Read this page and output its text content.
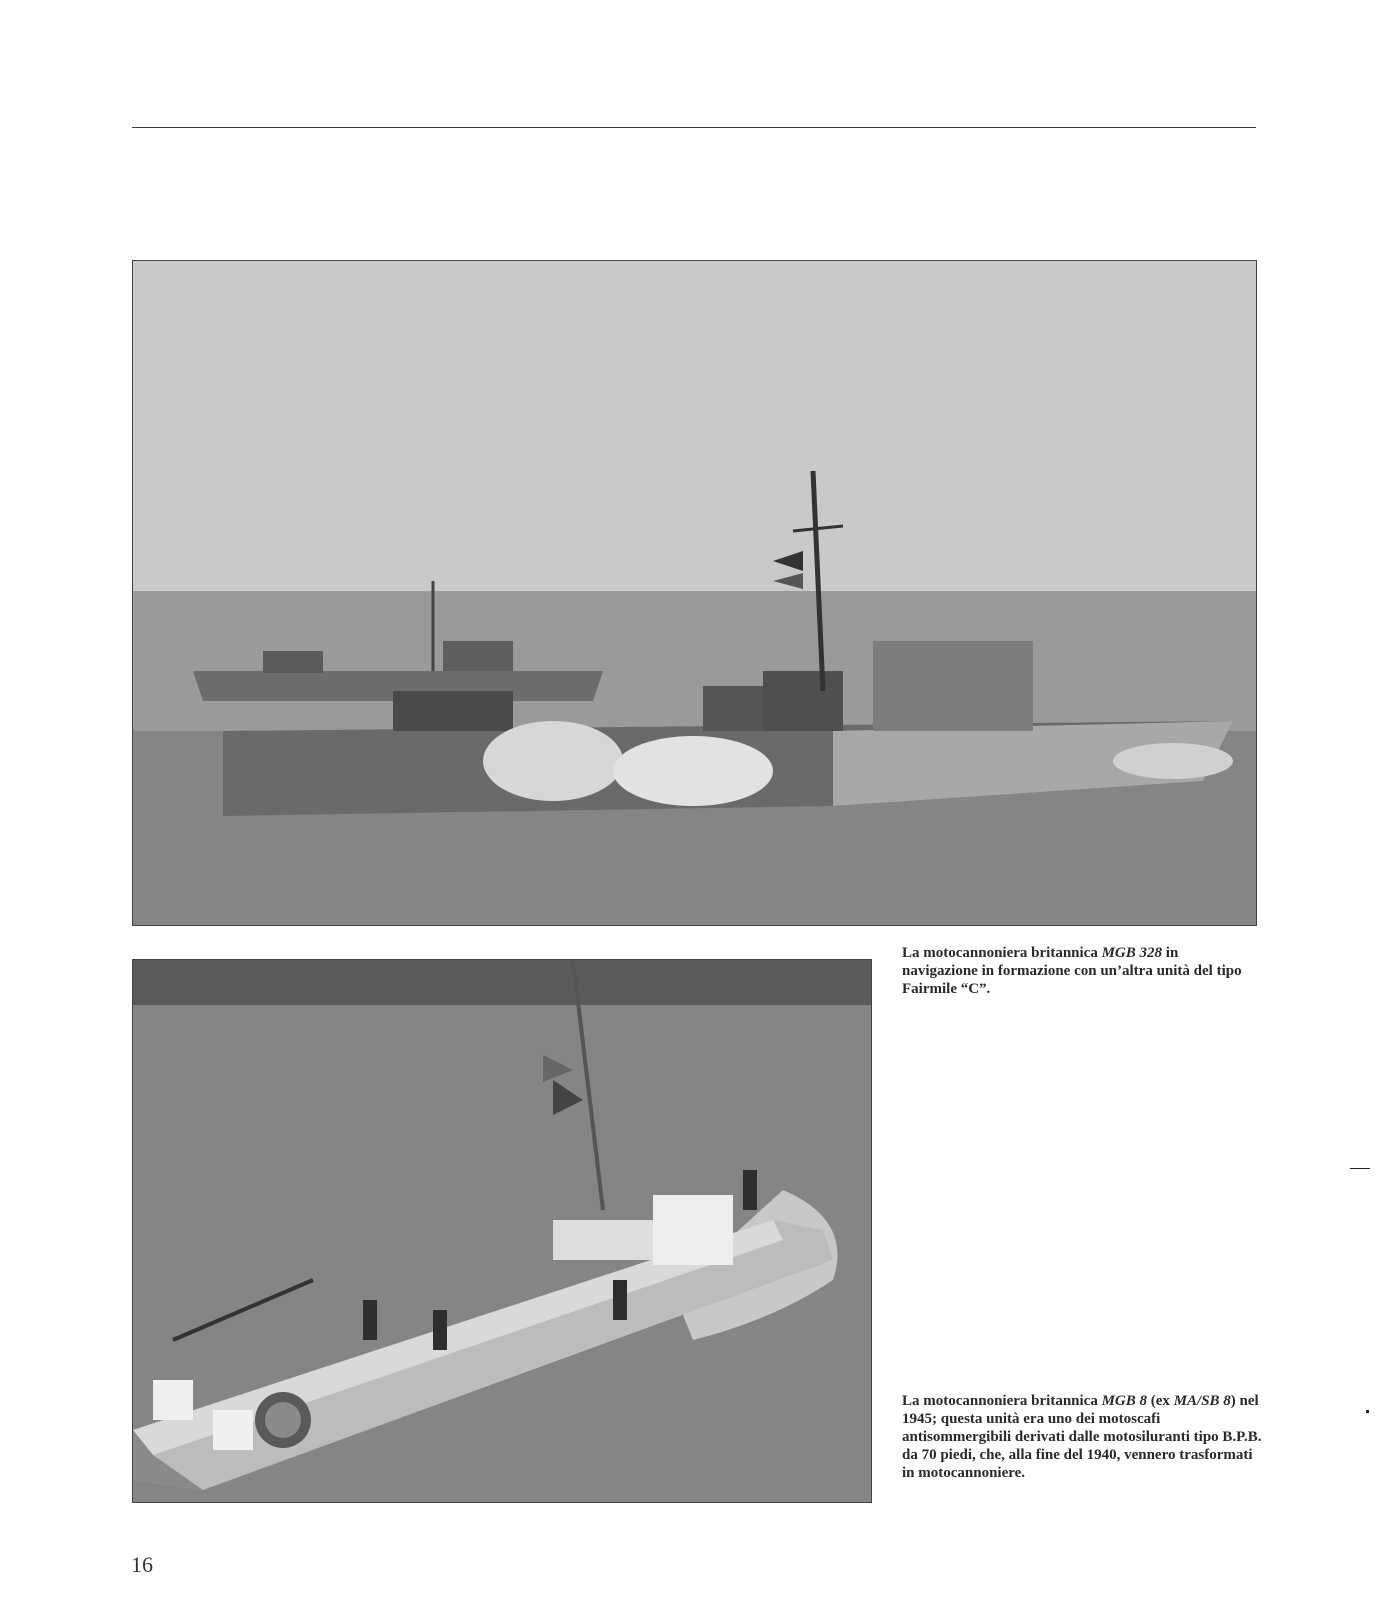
La motocannoniera britannica MGB 328 in navigazione in formazione con un’altra unità del tipo Fairmile “C”.
La motocannoniera britannica MGB 8 (ex MA/SB 8) nel 1945; questa unità era uno dei motoscafi antisommergibili derivati dalle motosiluranti tipo B.P.B. da 70 piedi, che, alla fine del 1940, vennero trasformati in motocannoniere.
16
